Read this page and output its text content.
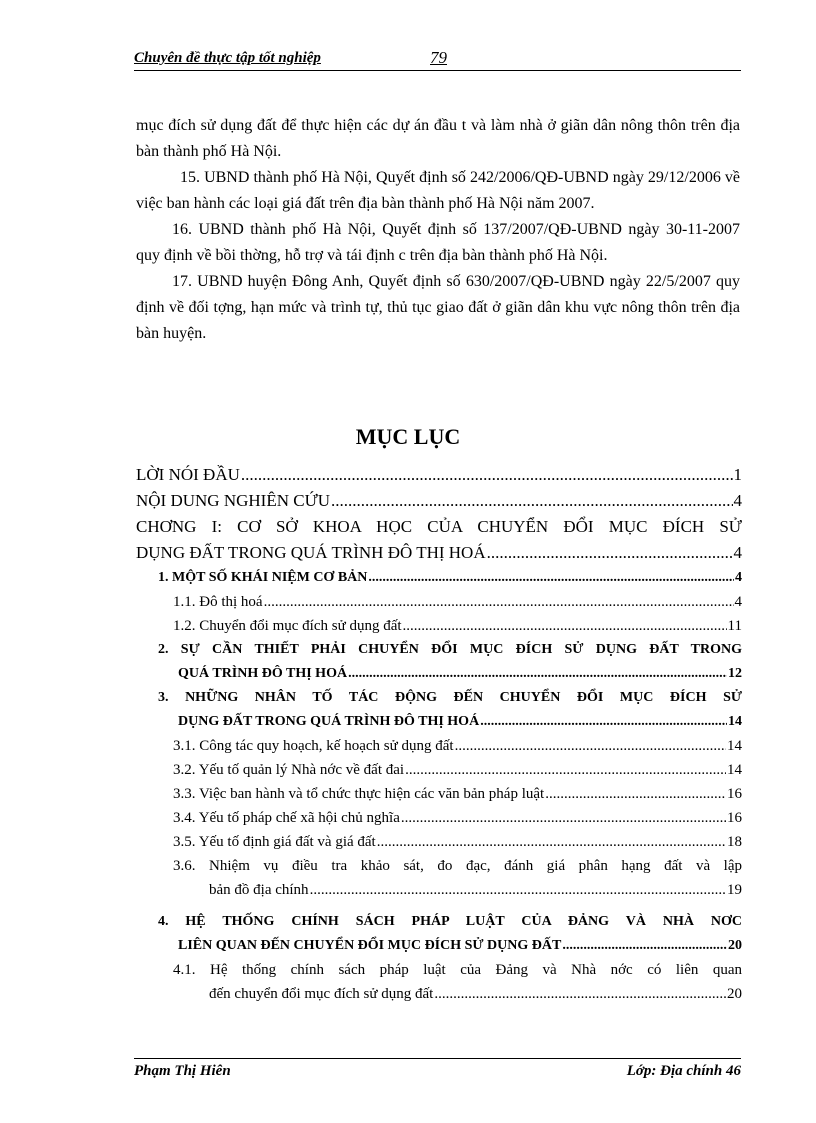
Chuyên đề thực tập tốt nghiệp	79

mục đích sử dụng đất để thực hiện các dự án đầu t và làm nhà ở giãn dân nông thôn trên địa bàn thành phố Hà Nội.

15. UBND thành phố Hà Nội, Quyết định số 242/2006/QĐ-UBND ngày 29/12/2006 về việc ban hành các loại giá đất trên địa bàn thành phố Hà Nội năm 2007.

16. UBND thành phố Hà Nội, Quyết định số 137/2007/QĐ-UBND ngày 30-11-2007 quy định về bồi thờng, hỗ trợ và tái định c trên địa bàn thành phố Hà Nội.

17. UBND huyện Đông Anh, Quyết định số 630/2007/QĐ-UBND ngày 22/5/2007 quy định về đối tợng, hạn mức và trình tự, thủ tục giao đất ở giãn dân khu vực nông thôn trên địa bàn huyện.

MỤC LỤC
LỜI NÓI ĐẦU .....	1
NỘI DUNG NGHIÊN CỨU .....	4
CHƠNG I: CƠ SỞ KHOA HỌC CỦA CHUYỂN ĐỔI MỤC ĐÍCH SỬ
DỤNG ĐẤT TRONG QUÁ TRÌNH ĐÔ THỊ HOÁ .....	4
1. MỘT SỐ KHÁI NIỆM CƠ BẢN .....	4
1.1. Đô thị hoá .....	4
1.2. Chuyển đổi mục đích sử dụng đất .....	11
2. SỰ CẦN THIẾT PHẢI CHUYỂN ĐỔI MỤC ĐÍCH SỬ DỤNG ĐẤT TRONG
QUÁ TRÌNH ĐÔ THỊ HOÁ .....	12
3. NHỮNG NHÂN TỐ TÁC ĐỘNG ĐẾN CHUYỂN ĐỔI MỤC ĐÍCH SỬ
DỤNG ĐẤT TRONG QUÁ TRÌNH ĐÔ THỊ HOÁ .....	14
3.1. Công tác quy hoạch, kế hoạch sử dụng đất .....	14
3.2. Yếu tố quản lý Nhà nớc về đất đai .....	14
3.3. Việc ban hành và tổ chức thực hiện các văn bản pháp luật .....	16
3.4. Yếu tố pháp chế xã hội chủ nghĩa .....	16
3.5. Yếu tố định giá đất và giá đất .....	18
3.6. Nhiệm vụ điều tra khảo sát, đo đạc, đánh giá phân hạng đất và lập
bản đồ địa chính .....	19
4. HỆ THỐNG CHÍNH SÁCH PHÁP LUẬT CỦA ĐẢNG VÀ NHÀ NƠC
LIÊN QUAN ĐẾN CHUYỂN ĐỔI MỤC ĐÍCH SỬ DỤNG ĐẤT .....	20
4.1. Hệ thống chính sách pháp luật của Đảng và Nhà nớc có liên quan
đến chuyển đổi mục đích sử dụng đất .....	20
Phạm Thị Hiên	Lớp: Địa chính 46
